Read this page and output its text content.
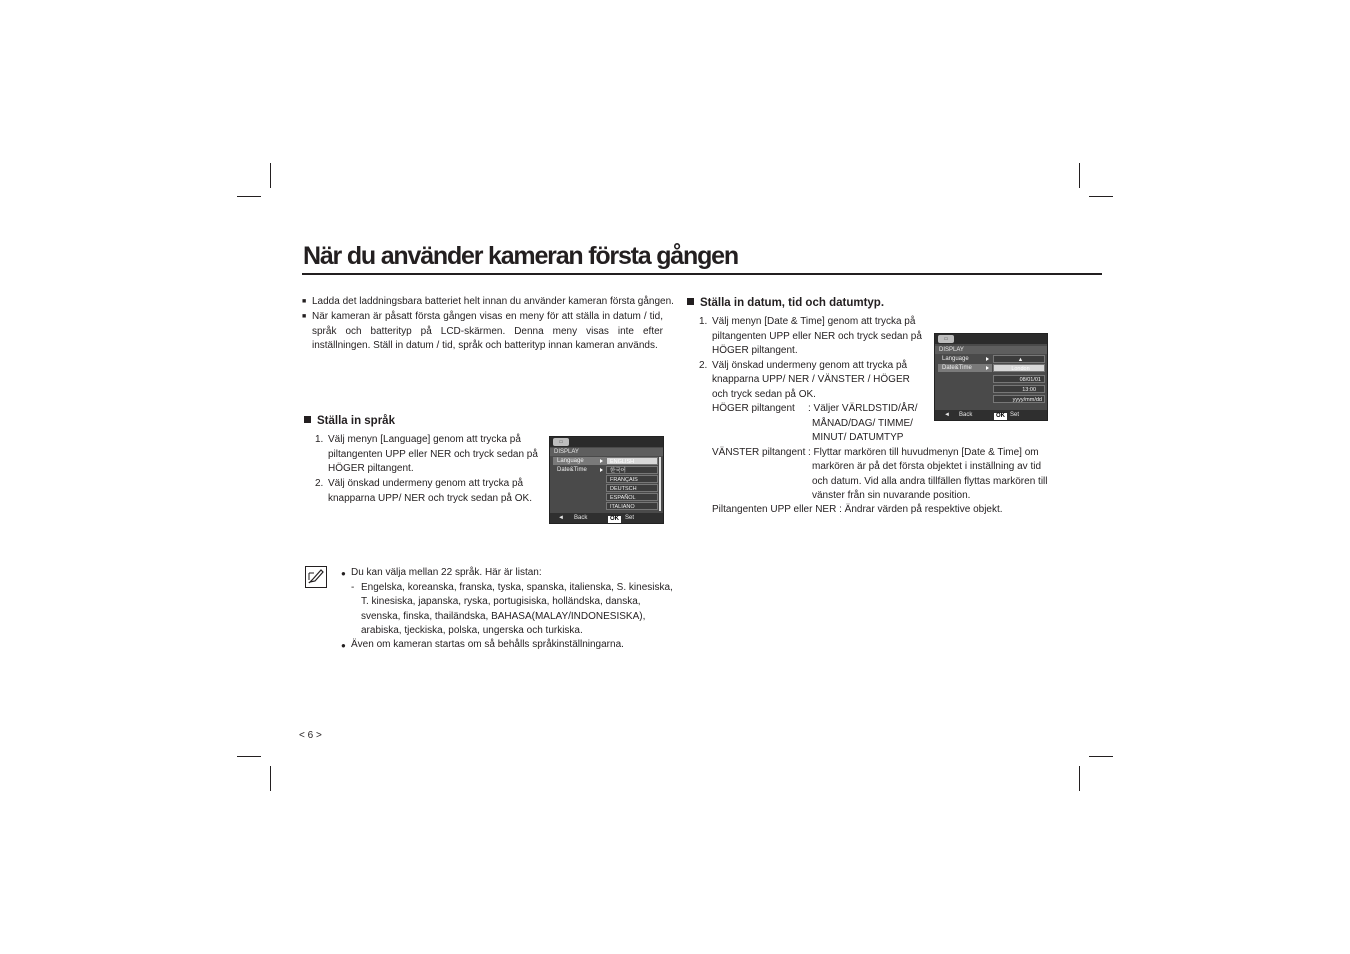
När du använder kameran första gången
■ Ladda det laddningsbara batteriet helt innan du använder kameran första gången.
■ När kameran är påsatt första gången visas en meny för att ställa in datum / tid, språk och batterityp på LCD-skärmen. Denna meny visas inte efter inställningen. Ställ in datum / tid, språk och batterityp innan kameran används.
Ställa in språk
1. Välj menyn [Language] genom att trycka på
piltangenten UPP eller NER och tryck sedan på
HÖGER piltangent.
2. Välj önskad undermeny genom att trycka på
knapparna UPP/ NER och tryck sedan på OK.
▭
DISPLAY
Language
Date&Time
ENGLISH
한국어
FRANÇAIS
DEUTSCH
ESPAÑOL
ITALIANO
◄ Back	OK	Set
Ställa in datum, tid och datumtyp.
1. Välj menyn [Date & Time] genom att trycka på
piltangenten UPP eller NER och tryck sedan på
HÖGER piltangent.
2. Välj önskad undermeny genom att trycka på
knapparna UPP/ NER / VÄNSTER / HÖGER
och tryck sedan på OK.
HÖGER piltangent : Väljer VÄRLDSTID/ÅR/
MÅNAD/DAG/ TIMME/
MINUT/ DATUMTYP
VÄNSTER piltangent : Flyttar markören till huvudmenyn [Date & Time] om
markören är på det första objektet i inställning av tid
och datum. Vid alla andra tillfällen flyttas markören till
vänster från sin nuvarande position.
Piltangenten UPP eller NER : Ändrar värden på respektive objekt.
▭
DISPLAY
Language
Date&Time
▲
London
08/01/01
13:00
yyyy/mm/dd
◄ Back	OK Set
● Du kan välja mellan 22 språk. Här är listan:
- Engelska, koreanska, franska, tyska, spanska, italienska, S. kinesiska,
T. kinesiska, japanska, ryska, portugisiska, holländska, danska,
svenska, finska, thailändska, BAHASA(MALAY/INDONESISKA),
arabiska, tjeckiska, polska, ungerska och turkiska.
● Även om kameran startas om så behålls språkinställningarna.
< 6 >
